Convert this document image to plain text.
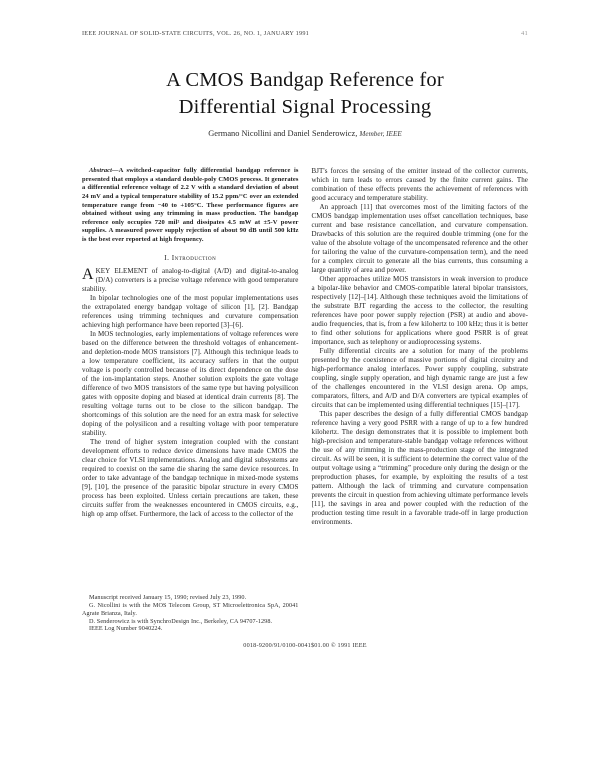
IEEE JOURNAL OF SOLID-STATE CIRCUITS, VOL. 26, NO. 1, JANUARY 1991	41
A CMOS Bandgap Reference for
Differential Signal Processing
Germano Nicollini and Daniel Senderowicz, Member, IEEE

Abstract—A switched-capacitor fully differential bandgap reference is presented that employs a standard double-poly CMOS process. It generates a differential reference voltage of 2.2 V with a standard deviation of about 24 mV and a typical temperature stability of 15.2 ppm/°C over an extended temperature range from −40 to +105°C. These performance figures are obtained without using any trimming in mass production. The bandgap reference only occupies 720 mil² and dissipates 4.5 mW at ±5-V power supplies. A measured power supply rejection of about 90 dB until 500 kHz is the best ever reported at high frequency.

I. Introduction

AKEY ELEMENT of analog-to-digital (A/D) and digital-to-analog (D/A) converters is a precise voltage reference with good temperature stability.

In bipolar technologies one of the most popular implementations uses the extrapolated energy bandgap voltage of silicon [1], [2]. Bandgap references using trimming techniques and curvature compensation achieving high performance have been reported [3]–[6].

In MOS technologies, early implementations of voltage references were based on the difference between the threshold voltages of enhancement- and depletion-mode MOS transistors [7]. Although this technique leads to a low temperature coefficient, its accuracy suffers in that the output voltage is poorly controlled because of its direct dependence on the dose of the ion-implantation steps. Another solution exploits the gate voltage difference of two MOS transistors of the same type but having polysilicon gates with opposite doping and biased at identical drain currents [8]. The resulting voltage turns out to be close to the silicon bandgap. The shortcomings of this solution are the need for an extra mask for selective doping of the polysilicon and a resulting voltage with poor temperature stability.

The trend of higher system integration coupled with the constant development efforts to reduce device dimensions have made CMOS the clear choice for VLSI implementations. Analog and digital subsystems are required to coexist on the same die sharing the same device resources. In order to take advantage of the bandgap technique in mixed-mode systems [9], [10], the presence of the parasitic bipolar structure in every CMOS process has been exploited. Unless certain precautions are taken, these circuits suffer from the weaknesses encountered in CMOS circuits, e.g., high op amp offset. Furthermore, the lack of access to the collector of the

Manuscript received January 15, 1990; revised July 23, 1990.

G. Nicollini is with the MOS Telecom Group, ST Microelettronica SpA, 20041 Agrate Brianza, Italy.

D. Senderowicz is with SynchroDesign Inc., Berkeley, CA 94707-1298.

IEEE Log Number 9040224.

BJT's forces the sensing of the emitter instead of the collector currents, which in turn leads to errors caused by the finite current gains. The combination of these effects prevents the achievement of references with good accuracy and temperature stability.

An approach [11] that overcomes most of the limiting factors of the CMOS bandgap implementation uses offset cancellation techniques, base current and base resistance cancellation, and curvature compensation. Drawbacks of this solution are the required double trimming (one for the value of the absolute voltage of the uncompensated reference and the other for tailoring the value of the curvature-compensation term), and the need for a complex circuit to generate all the bias currents, thus consuming a large quantity of area and power.

Other approaches utilize MOS transistors in weak inversion to produce a bipolar-like behavior and CMOS-compatible lateral bipolar transistors, respectively [12]–[14]. Although these techniques avoid the limitations of the substrate BJT regarding the access to the collector, the resulting references have poor power supply rejection (PSR) at audio and above-audio frequencies, that is, from a few kilohertz to 100 kHz; thus it is better to find other solutions for applications where good PSRR is of great importance, such as telephony or audioprocessing systems.

Fully differential circuits are a solution for many of the problems presented by the coexistence of massive portions of digital circuitry and high-performance analog interfaces. Power supply coupling, substrate coupling, single supply operation, and high dynamic range are just a few of the challenges encountered in the VLSI design arena. Op amps, comparators, filters, and A/D and D/A converters are typical examples of circuits that can be implemented using differential techniques [15]–[17].

This paper describes the design of a fully differential CMOS bandgap reference having a very good PSRR with a range of up to a few hundred kilohertz. The design demonstrates that it is possible to implement both high-precision and temperature-stable bandgap voltage references without the use of any trimming in the mass-production stage of the integrated circuit. As will be seen, it is sufficient to determine the correct value of the output voltage using a “trimming” procedure only during the design or the preproduction phases, for example, by exploiting the results of a test pattern. Although the lack of trimming and curvature compensation prevents the circuit in question from achieving ultimate performance levels [11], the savings in area and power coupled with the reduction of the production testing time result in a favorable trade-off in large production environments.

0018-9200/91/0100-0041$01.00 © 1991 IEEE
